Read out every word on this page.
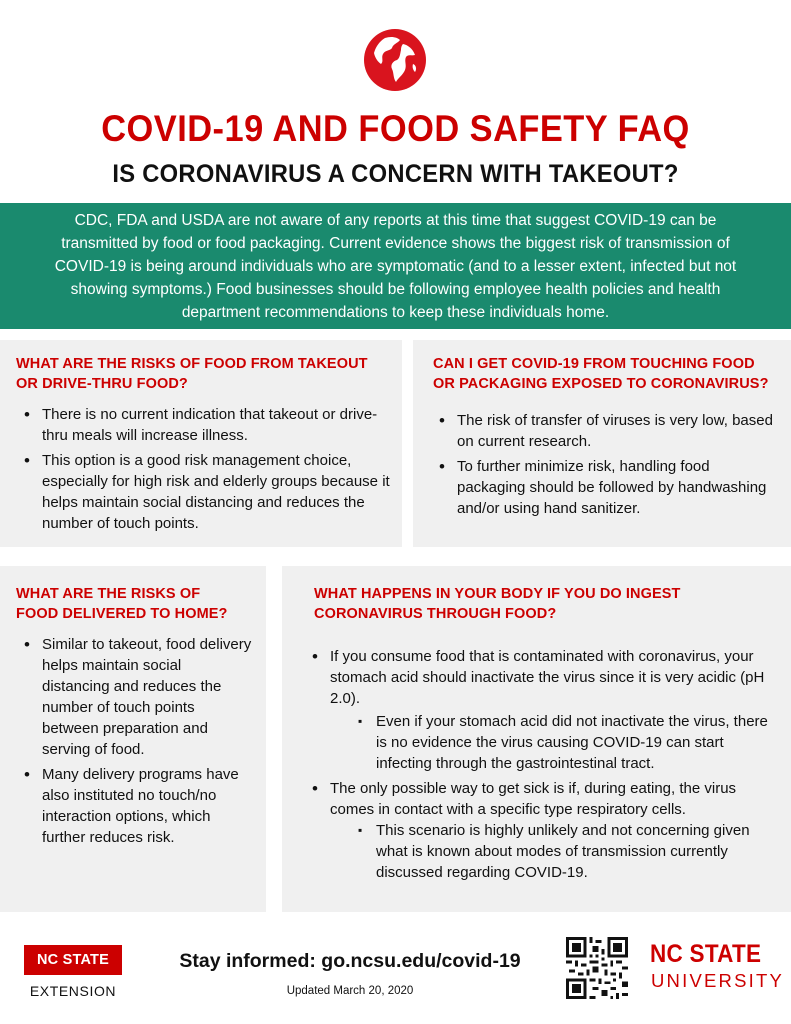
COVID-19 AND FOOD SAFETY FAQ
IS CORONAVIRUS A CONCERN WITH TAKEOUT?

CDC, FDA and USDA are not aware of any reports at this time that suggest COVID-19 can be transmitted by food or food packaging. Current evidence shows the biggest risk of transmission of COVID-19 is being around individuals who are symptomatic (and to a lesser extent, infected but not showing symptoms.) Food businesses should be following employee health policies and health department recommendations to keep these individuals home.

WHAT ARE THE RISKS OF FOOD FROM TAKEOUT
OR DRIVE-THRU FOOD?
• There is no current indication that takeout or drive-thru meals will increase illness.
• This option is a good risk management choice, especially for high risk and elderly groups because it helps maintain social distancing and reduces the number of touch points.
CAN I GET COVID-19 FROM TOUCHING FOOD
OR PACKAGING EXPOSED TO CORONAVIRUS?
• The risk of transfer of viruses is very low, based on current research.
• To further minimize risk, handling food packaging should be followed by handwashing and/or using hand sanitizer.
WHAT ARE THE RISKS OF
FOOD DELIVERED TO HOME?
• Similar to takeout, food delivery helps maintain social distancing and reduces the number of touch points between preparation and serving of food.
• Many delivery programs have also instituted no touch/no interaction options, which further reduces risk.
WHAT HAPPENS IN YOUR BODY IF YOU DO INGEST
CORONAVIRUS THROUGH FOOD?
• If you consume food that is contaminated with coronavirus, your stomach acid should inactivate the virus since it is very acidic (pH 2.0).
▪ Even if your stomach acid did not inactivate the virus, there is no evidence the virus causing COVID-19 can start infecting through the gastrointestinal tract.
• The only possible way to get sick is if, during eating, the virus comes in contact with a specific type respiratory cells.
▪ This scenario is highly unlikely and not concerning given what is known about modes of transmission currently discussed regarding COVID-19.
NC STATE
EXTENSION
Stay informed: go.ncsu.edu/covid-19
Updated March 20, 2020
NC STATE
UNIVERSITY
